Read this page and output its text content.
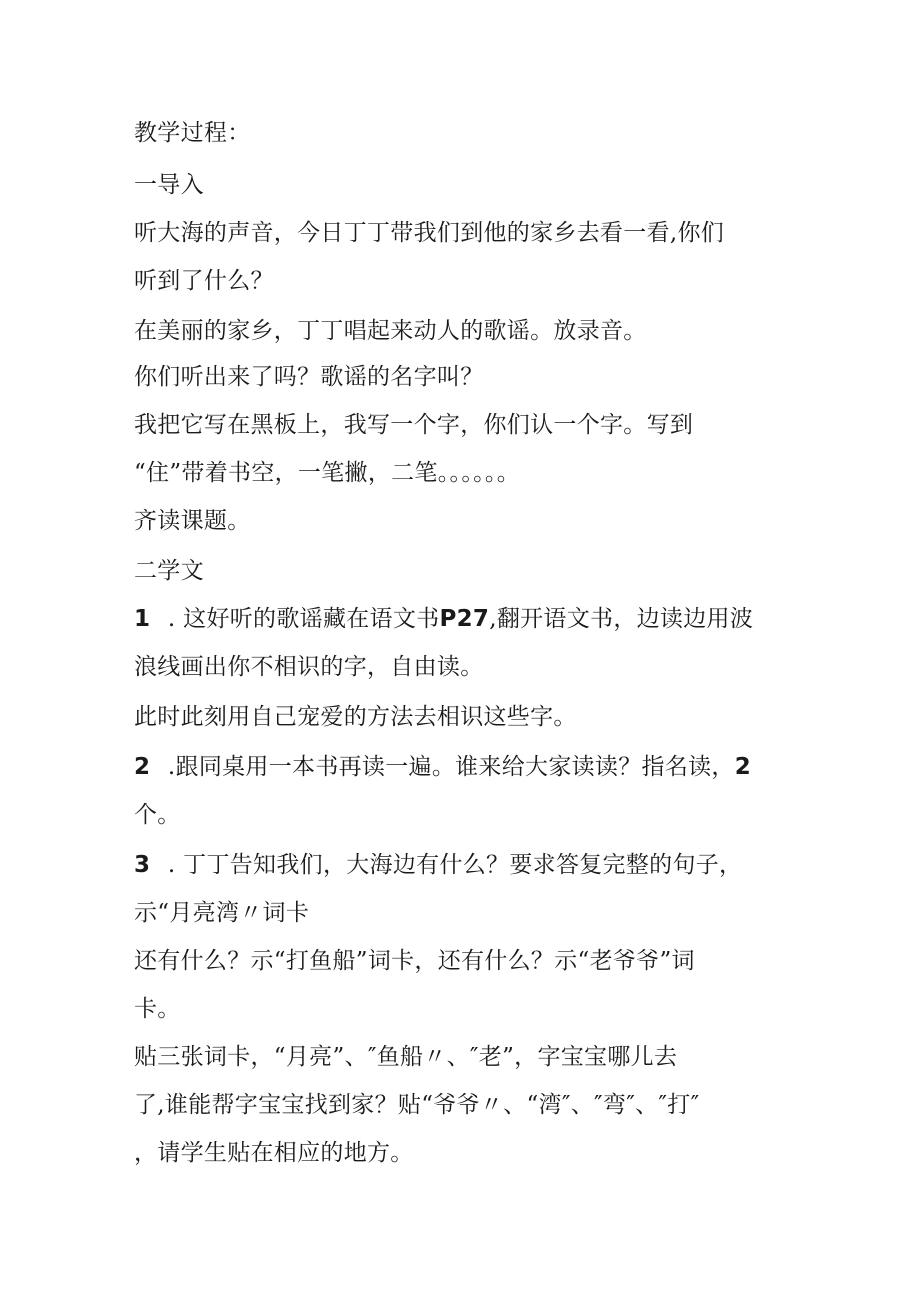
教学过程：
一导入
听大海的声音，今日丁丁带我们到他的家乡去看一看,你们
听到了什么？
在美丽的家乡，丁丁唱起来动人的歌谣。放录音。
你们听出来了吗？歌谣的名字叫？
我把它写在黑板上，我写一个字，你们认一个字。写到
“住”带着书空，一笔撇，二笔。。。。。。
齐读课题。
二学文
1 . 这好听的歌谣藏在语文书P27,翻开语文书，边读边用波
浪线画出你不相识的字，自由读。
此时此刻用自己宠爱的方法去相识这些字。
2 .跟同桌用一本书再读一遍。谁来给大家读读？指名读，2
个。
3 . 丁丁告知我们，大海边有什么？要求答复完整的句子，
示“月亮湾〃词卡
还有什么？示“打鱼船”词卡，还有什么？示“老爷爷”词
卡。
贴三张词卡，“月亮”、″鱼船〃、″老”，字宝宝哪儿去
了,谁能帮字宝宝找到家？贴“爷爷〃、“湾″、″弯″、″打″
，请学生贴在相应的地方。
